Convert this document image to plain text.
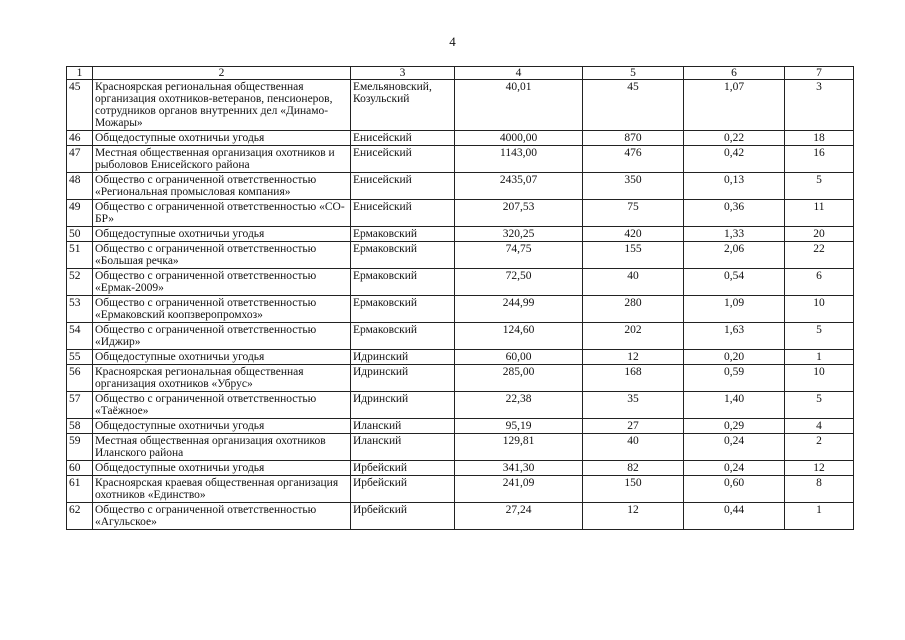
4
1	2	3	4	5	6	7
45	Красноярская региональная общественная организация охотников-ветеранов, пенсионеров, сотрудников органов внутренних дел «Динамо-Можары»	Емельяновский, Козульский	40,01	45	1,07	3
46	Общедоступные охотничьи угодья	Енисейский	4000,00	870	0,22	18
47	Местная общественная организация охотников и рыболовов Енисейского района	Енисейский	1143,00	476	0,42	16
48	Общество с ограниченной ответственностью «Региональная промысловая компания»	Енисейский	2435,07	350	0,13	5
49	Общество с ограниченной ответственностью «СО-БР»	Енисейский	207,53	75	0,36	11
50	Общедоступные охотничьи угодья	Ермаковский	320,25	420	1,33	20
51	Общество с ограниченной ответственностью «Большая речка»	Ермаковский	74,75	155	2,06	22
52	Общество с ограниченной ответственностью «Ермак-2009»	Ермаковский	72,50	40	0,54	6
53	Общество с ограниченной ответственностью «Ермаковский коопзверопромхоз»	Ермаковский	244,99	280	1,09	10
54	Общество с ограниченной ответственностью «Иджир»	Ермаковский	124,60	202	1,63	5
55	Общедоступные охотничьи угодья	Идринский	60,00	12	0,20	1
56	Красноярская региональная общественная организация охотников «Убрус»	Идринский	285,00	168	0,59	10
57	Общество с ограниченной ответственностью «Таёжное»	Идринский	22,38	35	1,40	5
58	Общедоступные охотничьи угодья	Иланский	95,19	27	0,29	4
59	Местная общественная организация охотников Иланского района	Иланский	129,81	40	0,24	2
60	Общедоступные охотничьи угодья	Ирбейский	341,30	82	0,24	12
61	Красноярская краевая общественная организация охотников «Единство»	Ирбейский	241,09	150	0,60	8
62	Общество с ограниченной ответственностью «Агульское»	Ирбейский	27,24	12	0,44	1
